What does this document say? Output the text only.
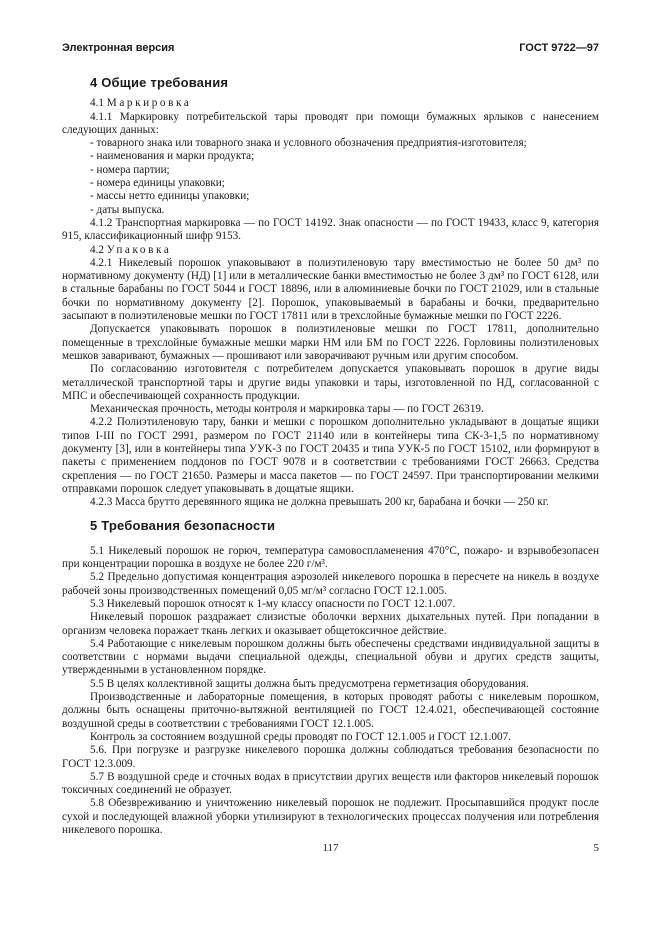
Электронная версия	ГОСТ 9722—97
4 Общие требования

4.1 Маркировка

4.1.1 Маркировку потребительской тары проводят при помощи бумажных ярлыков с нанесением следующих данных:

- товарного знака или товарного знака и условного обозначения предприятия-изготовителя;
- наименования и марки продукта;
- номера партии;
- номера единицы упаковки;
- массы нетто единицы упаковки;
- даты выпуска.

4.1.2 Транспортная маркировка — по ГОСТ 14192. Знак опасности — по ГОСТ 19433, класс 9, категория 915, классификационный шифр 9153.

4.2 Упаковка

4.2.1 Никелевый порошок упаковывают в полиэтиленовую тару вместимостью не более 50 дм³ по нормативному документу (НД) [1] или в металлические банки вместимостью не более 3 дм³ по ГОСТ 6128, или в стальные барабаны по ГОСТ 5044 и ГОСТ 18896, или в алюминиевые бочки по ГОСТ 21029, или в стальные бочки по нормативному документу [2]. Порошок, упаковываемый в барабаны и бочки, предварительно засыпают в полиэтиленовые мешки по ГОСТ 17811 или в трехслойные бумажные мешки по ГОСТ 2226.

Допускается упаковывать порошок в полиэтиленовые мешки по ГОСТ 17811, дополнительно помещенные в трехслойные бумажные мешки марки НМ или БМ по ГОСТ 2226. Горловины полиэтиленовых мешков заваривают, бумажных — прошивают или заворачивают ручным или другим способом.

По согласованию изготовителя с потребителем допускается упаковывать порошок в другие виды металлической транспортной тары и другие виды упаковки и тары, изготовленной по НД, согласованной с МПС и обеспечивающей сохранность продукции.

Механическая прочность, методы контроля и маркировка тары — по ГОСТ 26319.

4.2.2 Полиэтиленовую тару, банки и мешки с порошком дополнительно укладывают в дощатые ящики типов I-III по ГОСТ 2991, размером по ГОСТ 21140 или в контейнеры типа СК-3-1,5 по нормативному документу [3], или в контейнеры типа УУК-3 по ГОСТ 20435 и типа УУК-5 по ГОСТ 15102, или формируют в пакеты с применением поддонов по ГОСТ 9078 и в соответствии с требованиями ГОСТ 26663. Средства скрепления — по ГОСТ 21650. Размеры и масса пакетов — по ГОСТ 24597. При транспортировании мелкими отправками порошок следует упаковывать в дощатые ящики.

4.2.3 Масса брутто деревянного ящика не должна превышать 200 кг, барабана и бочки — 250 кг.

5 Требования безопасности

5.1 Никелевый порошок не горюч, температура самовоспламенения 470°С, пожаро- и взрывобезопасен при концентрации порошка в воздухе не более 220 г/м³.

5.2 Предельно допустимая концентрация аэрозолей никелевого порошка в пересчете на никель в воздухе рабочей зоны производственных помещений 0,05 мг/м³ согласно ГОСТ 12.1.005.

5.3 Никелевый порошок относят к 1-му классу опасности по ГОСТ 12.1.007.

Никелевый порошок раздражает слизистые оболочки верхних дыхательных путей. При попадании в организм человека поражает ткань легких и оказывает общетоксичное действие.

5.4 Работающие с никелевым порошком должны быть обеспечены средствами индивидуальной защиты в соответствии с нормами выдачи специальной одежды, специальной обуви и других средств защиты, утвержденными в установленном порядке.

5.5 В целях коллективной защиты должна быть предусмотрена герметизация оборудования.

Производственные и лабораторные помещения, в которых проводят работы с никелевым порошком, должны быть оснащены приточно-вытяжной вентиляцией по ГОСТ 12.4.021, обеспечивающей состояние воздушной среды в соответствии с требованиями ГОСТ 12.1.005.

Контроль за состоянием воздушной среды проводят по ГОСТ 12.1.005 и ГОСТ 12.1.007.

5.6. При погрузке и разгрузке никелевого порошка должны соблюдаться требования безопасности по ГОСТ 12.3.009.

5.7 В воздушной среде и сточных водах в присутствии других веществ или факторов никелевый порошок токсичных соединений не образует.

5.8 Обезвреживанию и уничтожению никелевый порошок не подлежит. Просыпавшийся продукт после сухой и последующей влажной уборки утилизируют в технологических процессах получения или потребления никелевого порошка.

117	5
